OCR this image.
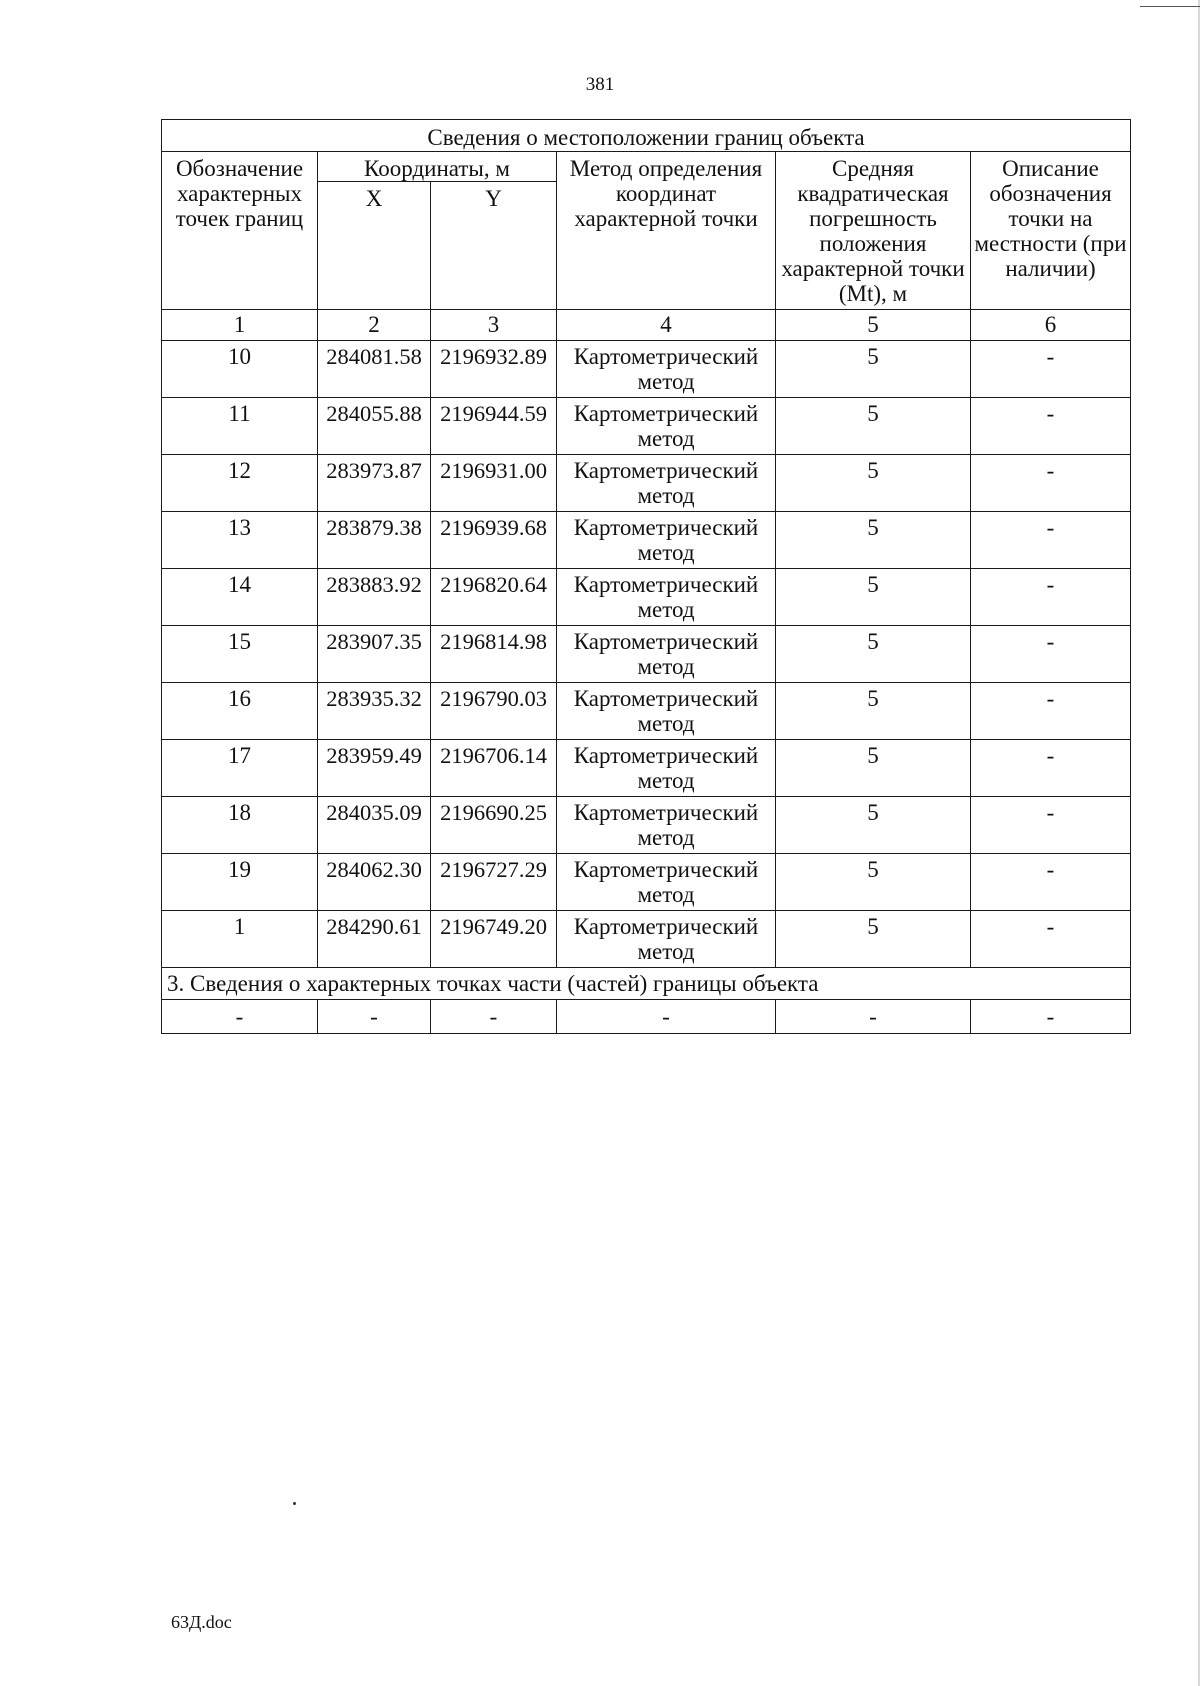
381
Сведения о местоположении границ объекта					
Обозначение характерных точек границ	Координаты, м		Метод определения координат характерной точки	Средняя квадратическая погрешность положения характерной точки (Mt), м	Описание обозначения точки на местности (при наличии)
	X	Y			
1	2	3	4	5	6
10	284081.58	2196932.89	Картометрический метод	5	-
11	284055.88	2196944.59	Картометрический метод	5	-
12	283973.87	2196931.00	Картометрический метод	5	-
13	283879.38	2196939.68	Картометрический метод	5	-
14	283883.92	2196820.64	Картометрический метод	5	-
15	283907.35	2196814.98	Картометрический метод	5	-
16	283935.32	2196790.03	Картометрический метод	5	-
17	283959.49	2196706.14	Картометрический метод	5	-
18	284035.09	2196690.25	Картометрический метод	5	-
19	284062.30	2196727.29	Картометрический метод	5	-
1	284290.61	2196749.20	Картометрический метод	5	-
3. Сведения о характерных точках части (частей) границы объекта					
-	-	-	-	-	-
63Д.doc
